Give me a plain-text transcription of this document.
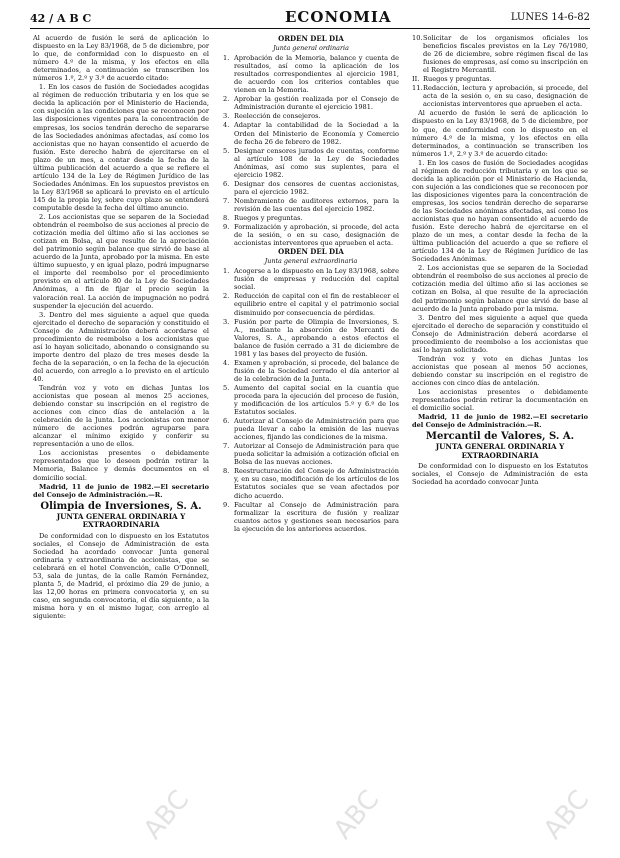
42 / A B C	ECONOMIA	LUNES 14-6-82

Al acuerdo de fusión le será de aplicación lo dispuesto en la Ley 83/1968, de 5 de diciembre, por lo que, de conformidad con lo dispuesto en el número 4.º de la misma, y los efectos en ella determinados, a continuación se transcriben los números 1.º, 2.º y 3.º de acuerdo citado:

1. En los casos de fusión de Sociedades acogidas al régimen de reducción tributaria y en los que se decida la aplicación por el Ministerio de Hacienda, con sujeción a las condiciones que se reconocen por las disposiciones vigentes para la concentración de empresas, los socios tendrán derecho de separarse de las Sociedades anónimas afectadas, así como los accionistas que no hayan consentido el acuerdo de fusión. Este derecho habrá de ejercitarse en el plazo de un mes, a contar desde la fecha de la última publicación del acuerdo a que se refiere el artículo 134 de la Ley de Régimen Jurídico de las Sociedades Anónimas. En los supuestos previstos en la Ley 83/1968 se aplicará lo previsto en el artículo 145 de la propia ley, sobre cuyo plazo se entenderá computable desde la fecha del último anuncio.

2. Los accionistas que se separen de la Sociedad obtendrán el reembolso de sus acciones al precio de cotización media del último año si las acciones se cotizan en Bolsa, al que resulte de la apreciación del patrimonio según balance que sirvió de base al acuerdo de la Junta, aprobado por la misma. En este último supuesto, y en igual plazo, podrá impugnarse el importe del reembolso por el procedimiento previsto en el artículo 80 de la Ley de Sociedades Anónimas, a fin de fijar el precio según la valoración real. La acción de impugnación no podrá suspender la ejecución del acuerdo.

3. Dentro del mes siguiente a aquel que queda ejercitado el derecho de separación y constituido el Consejo de Administración deberá acordarse el procedimiento de reembolso a los accionistas que así lo hayan solicitado, abonando o consignando su importe dentro del plazo de tres meses desde la fecha de la separación, o en la fecha de la ejecución del acuerdo, con arreglo a lo previsto en el artículo 40.

Tendrán voz y voto en dichas Juntas los accionistas que posean al menos 25 acciones, debiendo constar su inscripción en el registro de acciones con cinco días de antelación a la celebración de la Junta. Los accionistas con menor número de acciones podrán agruparse para alcanzar el mínimo exigido y conferir su representación a uno de ellos.

Los accionistas presentes o debidamente representados que lo deseen podrán retirar la Memoria, Balance y demás documentos en el domicilio social.

Madrid, 11 de junio de 1982.—El secretario del Consejo de Administración.—R.

Olimpia de Inversiones, S. A.
JUNTA GENERAL ORDINARIA Y EXTRAORDINARIA

De conformidad con lo dispuesto en los Estatutos sociales, el Consejo de Administración de esta Sociedad ha acordado convocar Junta general ordinaria y extraordinaria de accionistas, que se celebrará en el hotel Convención, calle O'Donnell, 53, sala de juntas, de la calle Ramón Fernández, planta 5, de Madrid, el próximo día 29 de junio, a las 12,00 horas en primera convocatoria y, en su caso, en segunda convocatoria, el día siguiente, a la misma hora y en el mismo lugar, con arreglo al siguiente:

ORDEN DEL DIA
Junta general ordinaria
1. Aprobación de la Memoria, balance y cuenta de resultados, así como la aplicación de los resultados correspondientes al ejercicio 1981, de acuerdo con los criterios contables que vienen en la Memoria.
2. Aprobar la gestión realizada por el Consejo de Administración durante el ejercicio 1981.
3. Reelección de consejeros.
4. Adaptar la contabilidad de la Sociedad a la Orden del Ministerio de Economía y Comercio de fecha 26 de febrero de 1982.
5. Designar censores jurados de cuentas, conforme al artículo 108 de la Ley de Sociedades Anónimas, así como sus suplentes, para el ejercicio 1982.
6. Designar dos censores de cuentas accionistas, para el ejercicio 1982.
7. Nombramiento de auditores externos, para la revisión de las cuentas del ejercicio 1982.
8. Ruegos y preguntas.
9. Formalización y aprobación, si procede, del acta de la sesión, o en su caso, designación de accionistas interventores que aprueben el acta.
ORDEN DEL DIA
Junta general extraordinaria
1. Acogerse a lo dispuesto en la Ley 83/1968, sobre fusión de empresas y reducción del capital social.
2. Reducción de capital con el fin de restablecer el equilibrio entre el capital y el patrimonio social disminuido por consecuencia de pérdidas.
3. Fusión por parte de Olimpia de Inversiones, S. A., mediante la absorción de Mercanti de Valores, S. A., aprobando a estos efectos el balance de fusión cerrado a 31 de diciembre de 1981 y las bases del proyecto de fusión.
4. Examen y aprobación, si procede, del balance de fusión de la Sociedad cerrado el día anterior al de la celebración de la Junta.
5. Aumento del capital social en la cuantía que proceda para la ejecución del proceso de fusión, y modificación de los artículos 5.º y 6.º de los Estatutos sociales.
6. Autorizar al Consejo de Administración para que pueda llevar a cabo la emisión de las nuevas acciones, fijando las condiciones de la misma.
7. Autorizar al Consejo de Administración para que pueda solicitar la admisión a cotización oficial en Bolsa de las nuevas acciones.
8. Reestructuración del Consejo de Administración y, en su caso, modificación de los artículos de los Estatutos sociales que se vean afectados por dicho acuerdo.
9. Facultar al Consejo de Administración para formalizar la escritura de fusión y realizar cuantos actos y gestiones sean necesarios para la ejecución de los anteriores acuerdos.
10. Solicitar de los organismos oficiales los beneficios fiscales previstos en la Ley 76/1980, de 26 de diciembre, sobre régimen fiscal de las fusiones de empresas, así como su inscripción en el Registro Mercantil.
II. Ruegos y preguntas.
11. Redacción, lectura y aprobación, si procede, del acta de la sesión o, en su caso, designación de accionistas interventores que aprueben el acta.

Al acuerdo de fusión le será de aplicación lo dispuesto en la Ley 83/1968, de 5 de diciembre, por lo que, de conformidad con lo dispuesto en el número 4.º de la misma, y los efectos en ella determinados, a continuación se transcriben los números 1.º, 2.º y 3.º de acuerdo citado:

1. En los casos de fusión de Sociedades acogidas al régimen de reducción tributaria y en los que se decida la aplicación por el Ministerio de Hacienda, con sujeción a las condiciones que se reconocen por las disposiciones vigentes para la concentración de empresas, los socios tendrán derecho de separarse de las Sociedades anónimas afectadas, así como los accionistas que no hayan consentido el acuerdo de fusión. Este derecho habrá de ejercitarse en el plazo de un mes, a contar desde la fecha de la última publicación del acuerdo a que se refiere el artículo 134 de la Ley de Régimen Jurídico de las Sociedades Anónimas.

2. Los accionistas que se separen de la Sociedad obtendrán el reembolso de sus acciones al precio de cotización media del último año si las acciones se cotizan en Bolsa, al que resulte de la apreciación del patrimonio según balance que sirvió de base al acuerdo de la Junta aprobado por la misma.

3. Dentro del mes siguiente a aquel que queda ejercitado el derecho de separación y constituido el Consejo de Administración deberá acordarse el procedimiento de reembolso a los accionistas que así lo hayan solicitado.

Tendrán voz y voto en dichas Juntas los accionistas que posean al menos 50 acciones, debiendo constar su inscripción en el registro de acciones con cinco días de antelación.

Los accionistas presentes o debidamente representados podrán retirar la documentación en el domicilio social.

Madrid, 11 de junio de 1982.—El secretario del Consejo de Administración.—R.

Mercantil de Valores, S. A.
JUNTA GENERAL ORDINARIA Y EXTRAORDINARIA

De conformidad con lo dispuesto en los Estatutos sociales, el Consejo de Administración de esta Sociedad ha acordado convocar Junta

ABC	ABC	ABC
